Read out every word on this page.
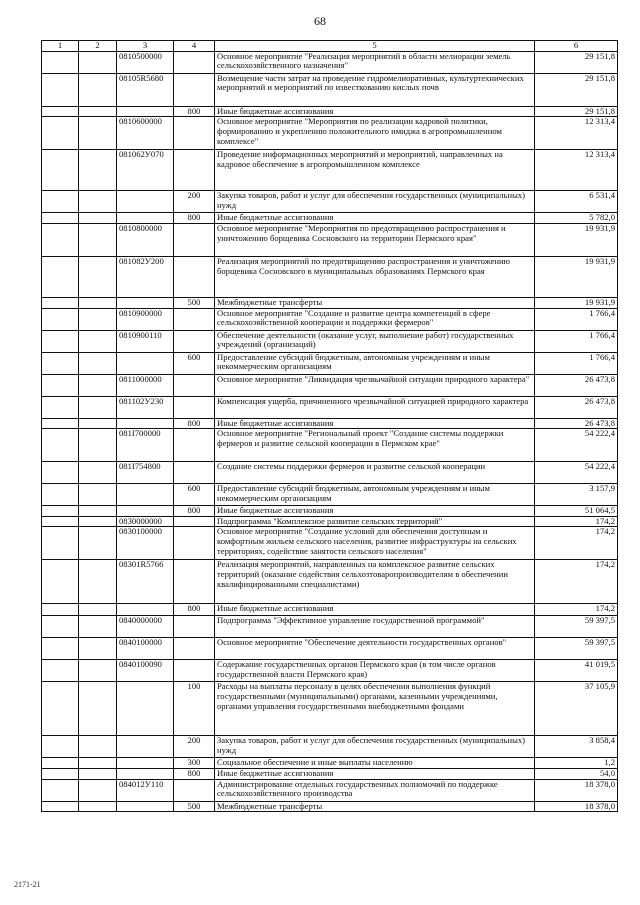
68
1	2	3	4	5	6
		0810500000		Основное мероприятие "Реализация мероприятий в области мелиорации земель сельскохозяйственного назначения"	29 151,8
		08105R5680		Возмещение части затрат на проведение гидромелиоративных, культуртехнических мероприятий и мероприятий по известкованию кислых почв	29 151,8
			800	Иные бюджетные ассигнования	29 151,8
		0810600000		Основное мероприятие "Мероприятия по реализации кадровой политики, формированию и укреплению положительного имиджа в агропромышленном комплексе"	12 313,4
		081062У070		Проведение информационных мероприятий и мероприятий, направленных на кадровое обеспечение в агропромышленном комплексе	12 313,4
			200	Закупка товаров, работ и услуг для обеспечения государственных (муниципальных) нужд	6 531,4
			800	Иные бюджетные ассигнования	5 782,0
		0810800000		Основное мероприятие "Мероприятия по предотвращению распространения и уничтожению борщевика Сосновского на территории Пермского края"	19 931,9
		081082У200		Реализация мероприятий по предотвращению распространения и уничтожению борщевика Сосновского в муниципальных образованиях Пермского края	19 931,9
			500	Межбюджетные трансферты	19 931,9
		0810900000		Основное мероприятие "Создание и развитие центра компетенций в сфере сельскохозяйственной кооперации и поддержки фермеров"	1 766,4
		0810900110		Обеспечение деятельности (оказание услуг, выполнение работ) государственных учреждений (организаций)	1 766,4
			600	Предоставление субсидий бюджетным, автономным учреждениям и иным некоммерческим организациям	1 766,4
		0811000000		Основное мероприятие "Ликвидация чрезвычайной ситуации природного характера"	26 473,8
		081102У230		Компенсация ущерба, причиненного чрезвычайной ситуацией природного характера	26 473,8
			800	Иные бюджетные ассигнования	26 473,8
		081I700000		Основное мероприятие "Региональный проект "Создание системы поддержки фермеров и развитие сельской кооперации в Пермском крае"	54 222,4
		081I754800		Создание системы поддержки фермеров и развитие сельской кооперации	54 222,4
			600	Предоставление субсидий бюджетным, автономным учреждениям и иным некоммерческим организациям	3 157,9
			800	Иные бюджетные ассигнования	51 064,5
		0830000000		Подпрограмма "Комплексное развитие сельских территорий"	174,2
		0830100000		Основное мероприятие "Создание условий для обеспечения доступным и комфортным жильем сельского населения, развитие инфраструктуры на сельских территориях, содействие занятости сельского населения"	174,2
		08301R5766		Реализация мероприятий, направленных на комплексное развитие сельских территорий (оказание содействия сельхозтоваропроизводителям в обеспечении квалифицированными специалистами)	174,2
			800	Иные бюджетные ассигнования	174,2
		0840000000		Подпрограмма "Эффективное управление государственной программой"	59 397,5
		0840100000		Основное мероприятие "Обеспечение деятельности государственных органов"	59 397,5
		0840100090		Содержание государственных органов Пермского края (в том числе органов государственной власти Пермского края)	41 019,5
			100	Расходы на выплаты персоналу в целях обеспечения выполнения функций государственными (муниципальными) органами, казенными учреждениями, органами управления государственными внебюджетными фондами	37 105,9
			200	Закупка товаров, работ и услуг для обеспечения государственных (муниципальных) нужд	3 858,4
			300	Социальное обеспечение и иные выплаты населению	1,2
			800	Иные бюджетные ассигнования	54,0
		084012У110		Администрирование отдельных государственных полномочий по поддержке сельскохозяйственного производства	18 378,0
			500	Межбюджетные трансферты	18 378,0
2171-21
